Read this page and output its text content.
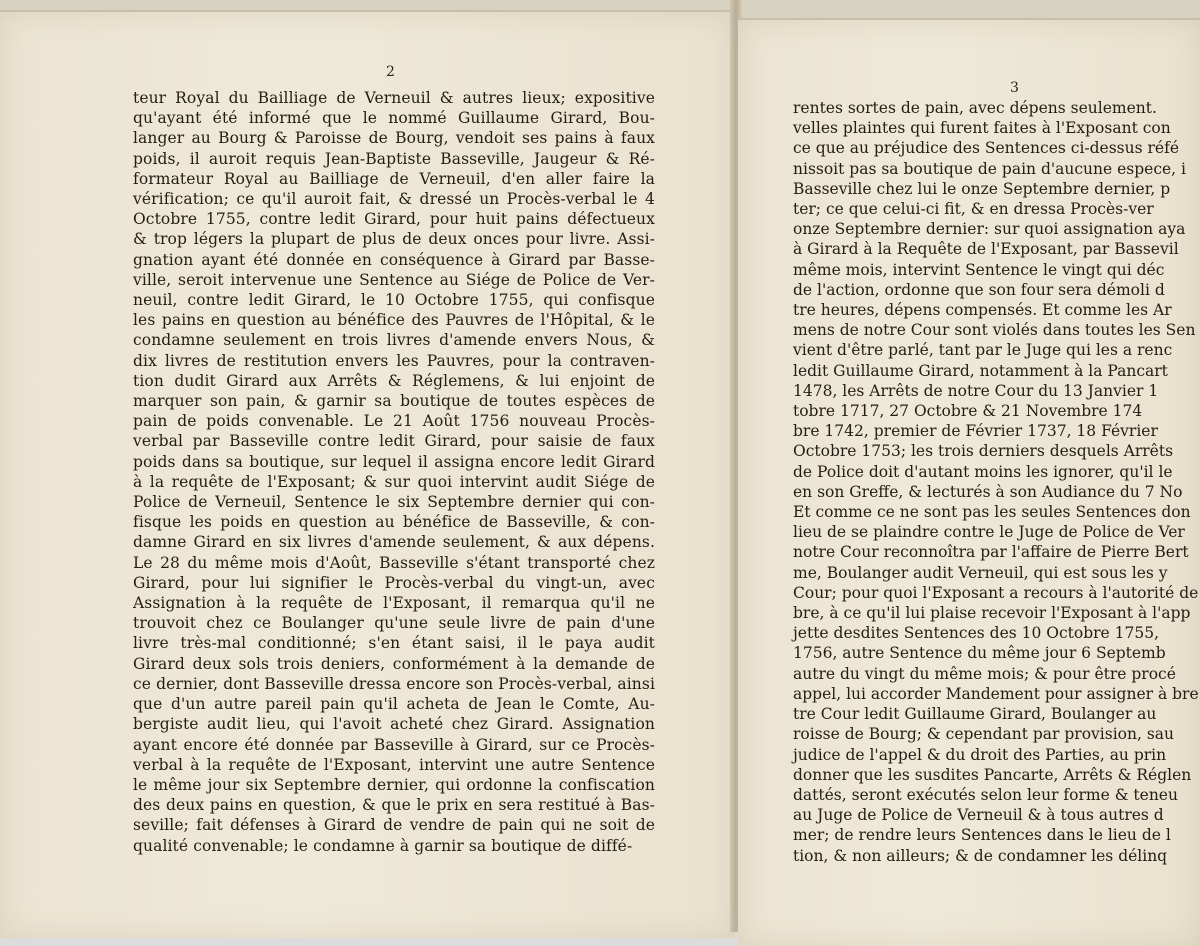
2
teur Royal du Bailliage de Verneuil & autres lieux; expositive
qu'ayant été informé que le nommé Guillaume Girard, Bou-
langer au Bourg & Paroisse de Bourg, vendoit ses pains à faux
poids, il auroit requis Jean-Baptiste Basseville, Jaugeur & Ré-
formateur Royal au Bailliage de Verneuil, d'en aller faire la
vérification; ce qu'il auroit fait, & dressé un Procès-verbal le 4
Octobre 1755, contre ledit Girard, pour huit pains défectueux
& trop légers la plupart de plus de deux onces pour livre. Assi-
gnation ayant été donnée en conséquence à Girard par Basse-
ville, seroit intervenue une Sentence au Siége de Police de Ver-
neuil, contre ledit Girard, le 10 Octobre 1755, qui confisque
les pains en question au bénéfice des Pauvres de l'Hôpital, & le
condamne seulement en trois livres d'amende envers Nous, &
dix livres de restitution envers les Pauvres, pour la contraven-
tion dudit Girard aux Arrêts & Réglemens, & lui enjoint de
marquer son pain, & garnir sa boutique de toutes espèces de
pain de poids convenable. Le 21 Août 1756 nouveau Procès-
verbal par Basseville contre ledit Girard, pour saisie de faux
poids dans sa boutique, sur lequel il assigna encore ledit Girard
à la requête de l'Exposant; & sur quoi intervint audit Siége de
Police de Verneuil, Sentence le six Septembre dernier qui con-
fisque les poids en question au bénéfice de Basseville, & con-
damne Girard en six livres d'amende seulement, & aux dépens.
Le 28 du même mois d'Août, Basseville s'étant transporté chez
Girard, pour lui signifier le Procès-verbal du vingt-un, avec
Assignation à la requête de l'Exposant, il remarqua qu'il ne
trouvoit chez ce Boulanger qu'une seule livre de pain d'une
livre très-mal conditionné; s'en étant saisi, il le paya audit
Girard deux sols trois deniers, conformément à la demande de
ce dernier, dont Basseville dressa encore son Procès-verbal, ainsi
que d'un autre pareil pain qu'il acheta de Jean le Comte, Au-
bergiste audit lieu, qui l'avoit acheté chez Girard. Assignation
ayant encore été donnée par Basseville à Girard, sur ce Procès-
verbal à la requête de l'Exposant, intervint une autre Sentence
le même jour six Septembre dernier, qui ordonne la confiscation
des deux pains en question, & que le prix en sera restitué à Bas-
seville; fait défenses à Girard de vendre de pain qui ne soit de
qualité convenable; le condamne à garnir sa boutique de diffé-
3
rentes sortes de pain, avec dépens seulement.
velles plaintes qui furent faites à l'Exposant con
ce que au préjudice des Sentences ci-dessus réfé
nissoit pas sa boutique de pain d'aucune espece, i
Basseville chez lui le onze Septembre dernier, p
ter; ce que celui-ci fit, & en dressa Procès-ver
onze Septembre dernier: sur quoi assignation aya
à Girard à la Requête de l'Exposant, par Bassevil
même mois, intervint Sentence le vingt qui déc
de l'action, ordonne que son four sera démoli d
tre heures, dépens compensés. Et comme les Ar
mens de notre Cour sont violés dans toutes les Sen
vient d'être parlé, tant par le Juge qui les a renc
ledit Guillaume Girard, notamment à la Pancart
1478, les Arrêts de notre Cour du 13 Janvier 1
tobre 1717, 27 Octobre & 21 Novembre 174
bre 1742, premier de Février 1737, 18 Février
Octobre 1753; les trois derniers desquels Arrêts
de Police doit d'autant moins les ignorer, qu'il le
en son Greffe, & lecturés à son Audiance du 7 No
Et comme ce ne sont pas les seules Sentences don
lieu de se plaindre contre le Juge de Police de Ver
notre Cour reconnoîtra par l'affaire de Pierre Bert
me, Boulanger audit Verneuil, qui est sous les y
Cour; pour quoi l'Exposant a recours à l'autorité de
bre, à ce qu'il lui plaise recevoir l'Exposant à l'app
jette desdites Sentences des 10 Octobre 1755,
1756, autre Sentence du même jour 6 Septemb
autre du vingt du même mois; & pour être procé
appel, lui accorder Mandement pour assigner à bre
tre Cour ledit Guillaume Girard, Boulanger au
roisse de Bourg; & cependant par provision, sau
judice de l'appel & du droit des Parties, au prin
donner que les susdites Pancarte, Arrêts & Réglen
dattés, seront exécutés selon leur forme & teneu
au Juge de Police de Verneuil & à tous autres d
mer; de rendre leurs Sentences dans le lieu de l
tion, & non ailleurs; & de condamner les délinq
